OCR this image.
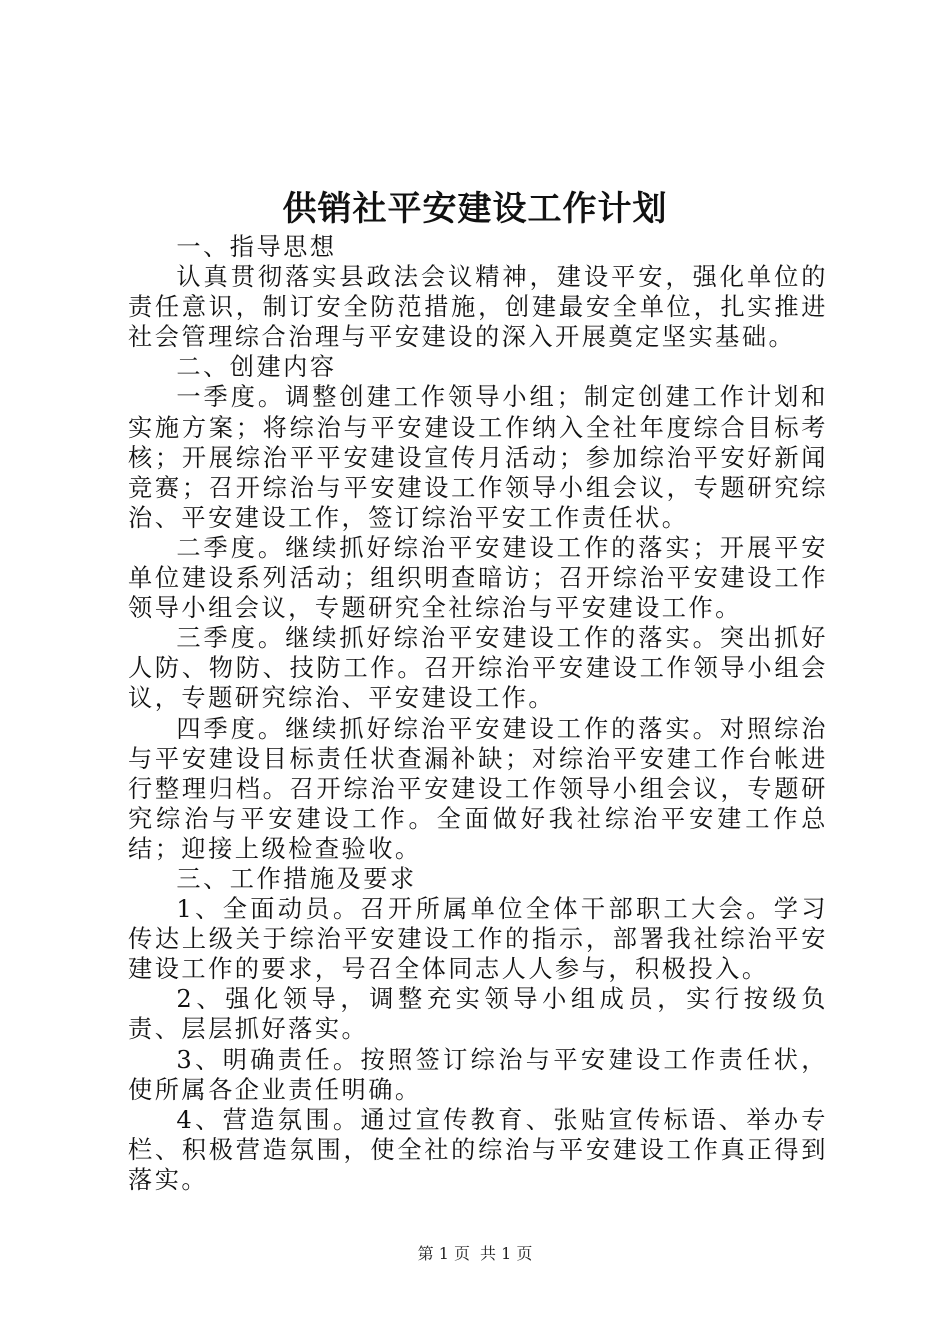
供销社平安建设工作计划

一、指导思想

认真贯彻落实县政法会议精神，建设平安，强化单位的责任意识，制订安全防范措施，创建最安全单位，扎实推进社会管理综合治理与平安建设的深入开展奠定坚实基础。

二、创建内容

一季度。调整创建工作领导小组；制定创建工作计划和实施方案；将综治与平安建设工作纳入全社年度综合目标考核；开展综治平平安建设宣传月活动；参加综治平安好新闻竞赛；召开综治与平安建设工作领导小组会议，专题研究综治、平安建设工作，签订综治平安工作责任状。

二季度。继续抓好综治平安建设工作的落实；开展平安单位建设系列活动；组织明查暗访；召开综治平安建设工作领导小组会议，专题研究全社综治与平安建设工作。

三季度。继续抓好综治平安建设工作的落实。突出抓好人防、物防、技防工作。召开综治平安建设工作领导小组会议，专题研究综治、平安建设工作。

四季度。继续抓好综治平安建设工作的落实。对照综治与平安建设目标责任状查漏补缺；对综治平安建工作台帐进行整理归档。召开综治平安建设工作领导小组会议，专题研究综治与平安建设工作。全面做好我社综治平安建工作总结；迎接上级检查验收。

三、工作措施及要求

1、全面动员。召开所属单位全体干部职工大会。学习传达上级关于综治平安建设工作的指示，部署我社综治平安建设工作的要求，号召全体同志人人参与，积极投入。

2、强化领导，调整充实领导小组成员，实行按级负责、层层抓好落实。

3、明确责任。按照签订综治与平安建设工作责任状，使所属各企业责任明确。

4、营造氛围。通过宣传教育、张贴宣传标语、举办专栏、积极营造氛围，使全社的综治与平安建设工作真正得到落实。

第 1 页 共 1 页
